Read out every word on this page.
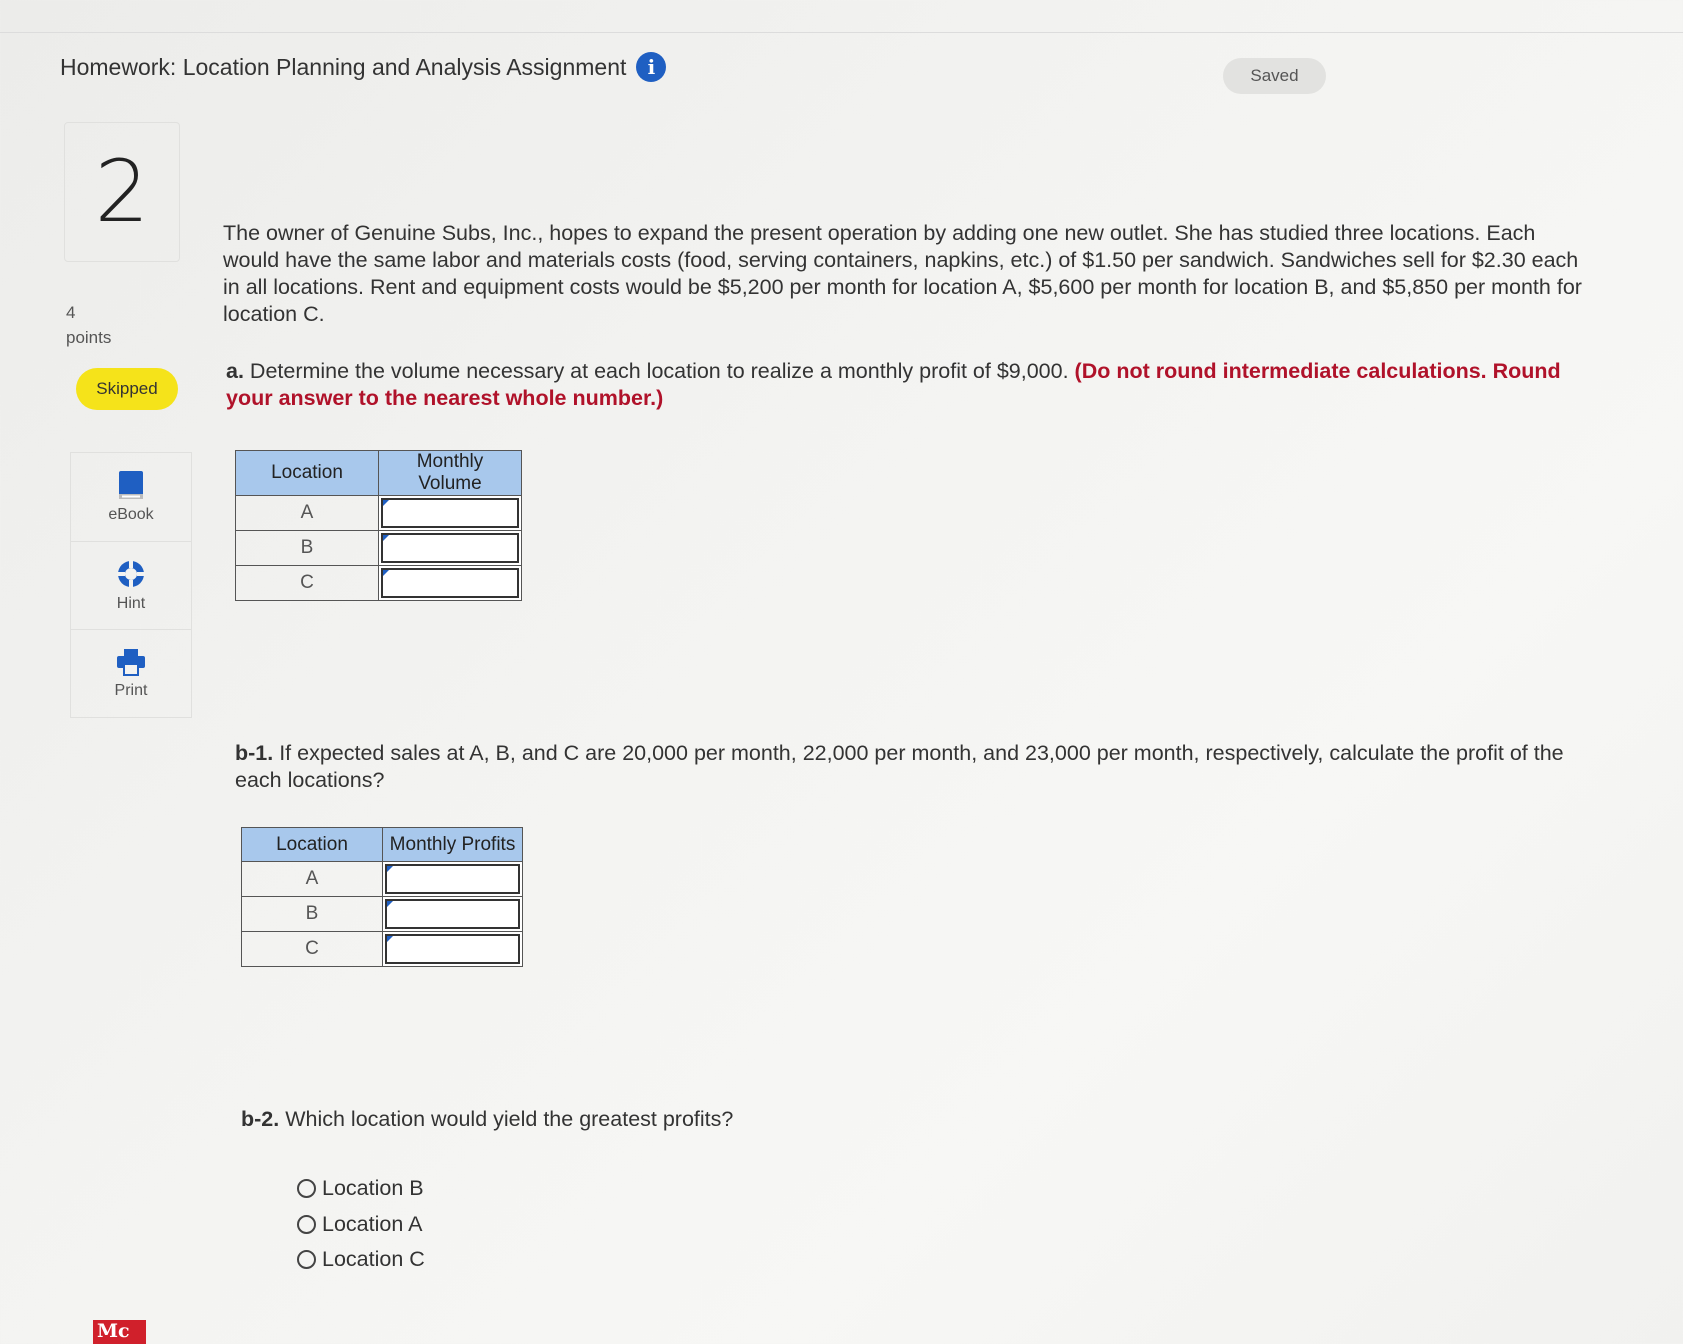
Homework: Location Planning and Analysis Assignment	i	Saved
2
4
points
Skipped
eBook
Hint
Print
Mc

The owner of Genuine Subs, Inc., hopes to expand the present operation by adding one new outlet. She has studied three locations. Each would have the same labor and materials costs (food, serving containers, napkins, etc.) of $1.50 per sandwich. Sandwiches sell for $2.30 each in all locations. Rent and equipment costs would be $5,200 per month for location A, $5,600 per month for location B, and $5,850 per month for location C.

a. Determine the volume necessary at each location to realize a monthly profit of $9,000. (Do not round intermediate calculations. Round your answer to the nearest whole number.)

Location	Monthly Volume
A	

B	

C	

b-1. If expected sales at A, B, and C are 20,000 per month, 22,000 per month, and 23,000 per month, respectively, calculate the profit of the each locations?

Location	Monthly Profits
A	

B	

C	

b-2. Which location would yield the greatest profits?

Location B
Location A
Location C
